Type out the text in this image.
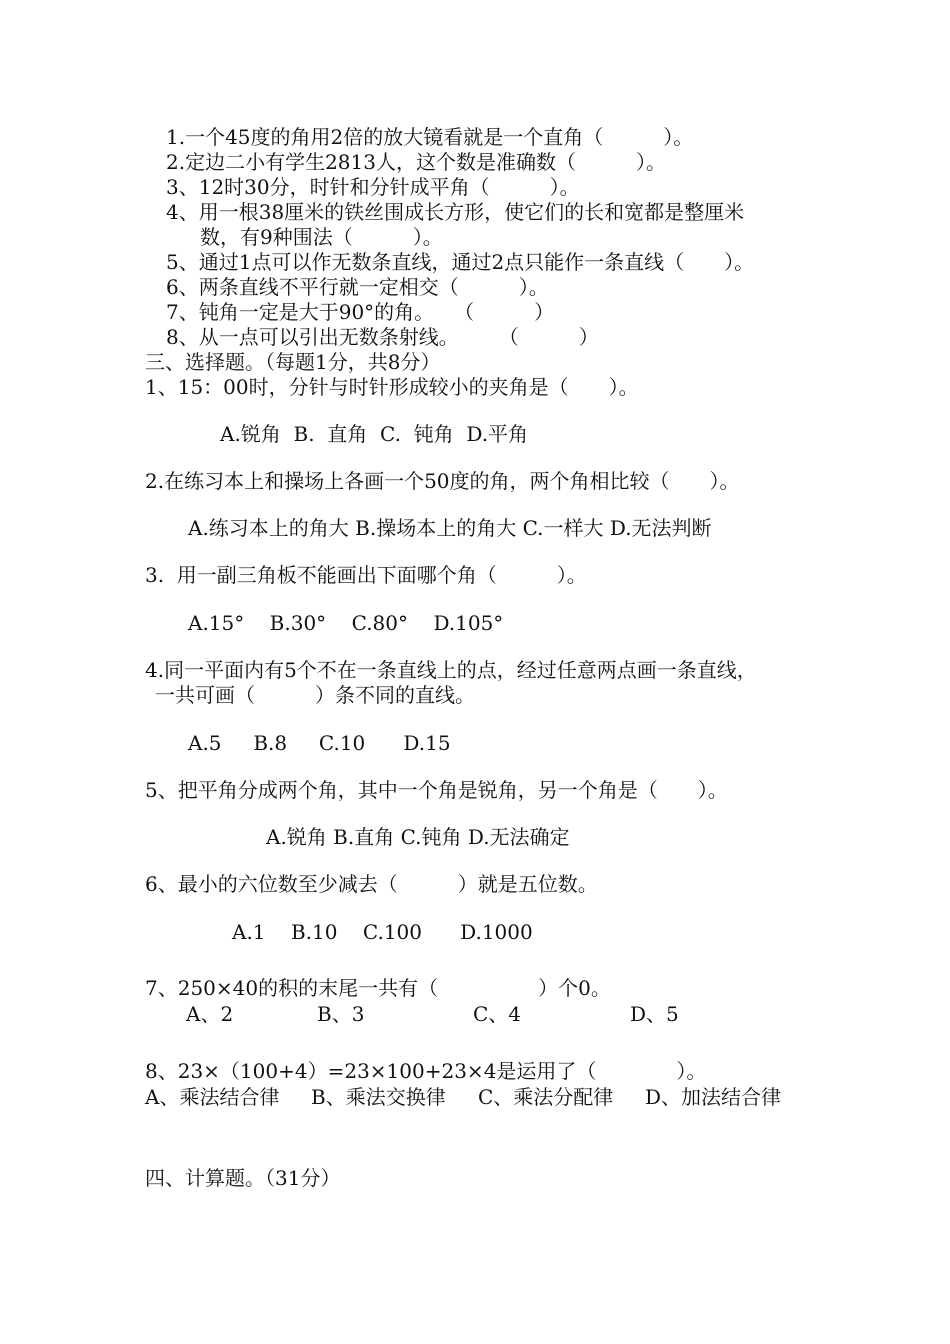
1.一个45度的角用2倍的放大镜看就是一个直角（　　　）。
2.定边二小有学生2813人，这个数是准确数（　　　）。
3、12时30分，时针和分针成平角（　　　）。
4、用一根38厘米的铁丝围成长方形，使它们的长和宽都是整厘米
数，有9种围法（　　　）。
5、通过1点可以作无数条直线，通过2点只能作一条直线（　　）。
6、两条直线不平行就一定相交（　　　）。
7、钝角一定是大于90°的角。　　（　　　）
8、从一点可以引出无数条射线。　　　（　　　）
三、选择题。（每题1分，共8分）
1、15：00时，分针与时针形成较小的夹角是（　　）。
A.锐角  B.  直角  C.  钝角  D.平角
2.在练习本上和操场上各画一个50度的角，两个角相比较（　　）。
A.练习本上的角大 B.操场本上的角大 C.一样大 D.无法判断
3.  用一副三角板不能画出下面哪个角（　　　）。
A.15°    B.30°    C.80°    D.105°
4.同一平面内有5个不在一条直线上的点，经过任意两点画一条直线，
一共可画（　　　）条不同的直线。
A.5     B.8     C.10      D.15
5、把平角分成两个角，其中一个角是锐角，另一个角是（　　）。
A.锐角 B.直角 C.钝角 D.无法确定
6、最小的六位数至少减去（　　　）就是五位数。
A.1    B.10    C.100      D.1000
7、250×40的积的末尾一共有（　　　　　）个0。
A、2	B、3	C、4	D、5
8、23×（100+4）=23×100+23×4是运用了（　　　　）。
A、乘法结合律 B、乘法交换律 C、乘法分配律 D、加法结合律
四、计算题。（31分）
